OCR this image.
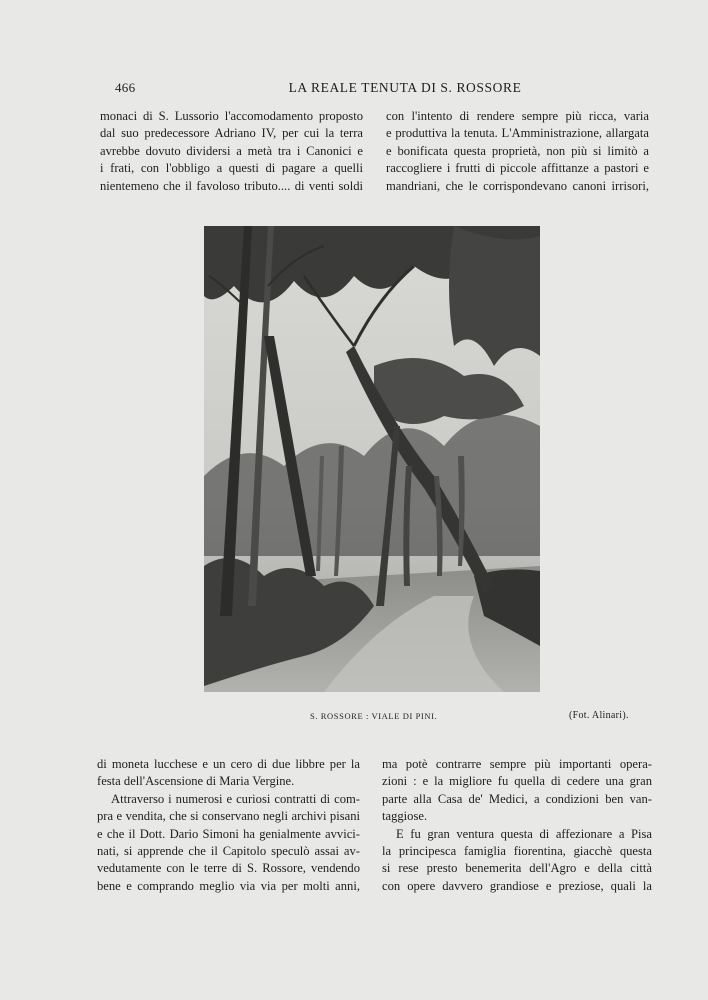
466	LA REALE TENUTA DI S. ROSSORE
monaci di S. Lussorio l'accomodamento proposto
dal suo predecessore Adriano IV, per cui la terra
avrebbe dovuto dividersi a metà tra i Canonici e
i frati, con l'obbligo a questi di pagare a quelli
nientemeno che il favoloso tributo.... di venti soldi
con l'intento di rendere sempre più ricca, varia
e produttiva la tenuta. L'Amministrazione, allargata
e bonificata questa proprietà, non più si limitò a
raccogliere i frutti di piccole affittanze a pastori e
mandriani, che le corrispondevano canoni irrisori,
S. ROSSORE : VIALE DI PINI.	(Fot. Alinari).
di moneta lucchese e un cero di due libbre per la
festa dell'Ascensione di Maria Vergine.
Attraverso i numerosi e curiosi contratti di com-
pra e vendita, che si conservano negli archivi pisani
e che il Dott. Dario Simoni ha genialmente avvici-
nati, si apprende che il Capitolo speculò assai av-
vedutamente con le terre di S. Rossore, vendendo
bene e comprando meglio via via per molti anni,
ma potè contrarre sempre più importanti opera-
zioni : e la migliore fu quella di cedere una gran
parte alla Casa de' Medici, a condizioni ben van-
taggiose.
E fu gran ventura questa di affezionare a Pisa
la principesca famiglia fiorentina, giacchè questa
si rese presto benemerita dell'Agro e della città
con opere davvero grandiose e preziose, quali la
